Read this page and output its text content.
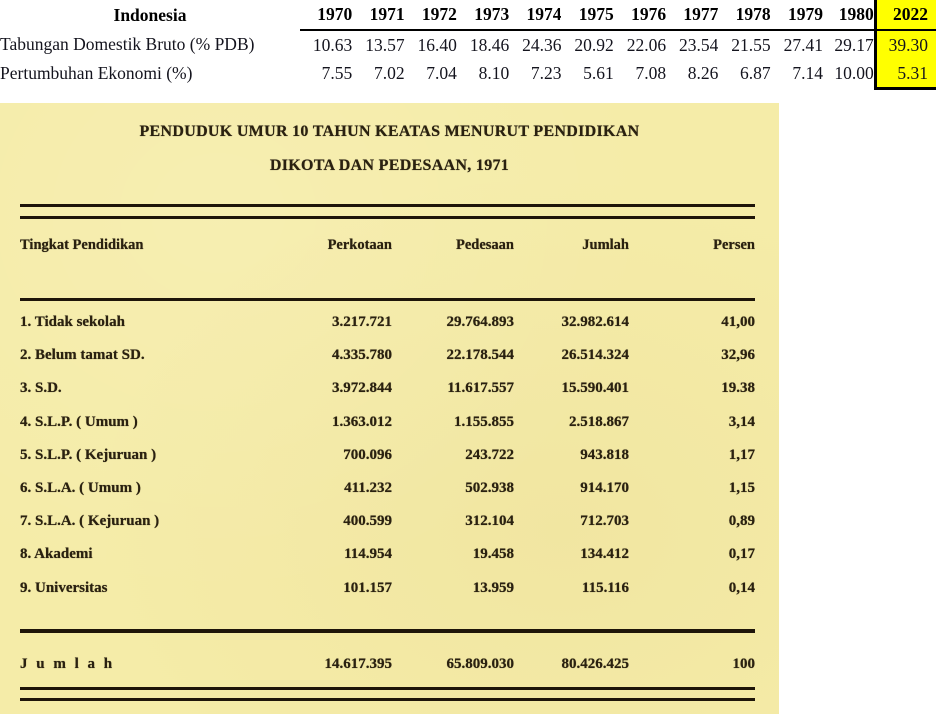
Indonesia	1970	1971	1972	1973	1974	1975	1976	1977	1978	1979	1980	2022
Tabungan Domestik Bruto (% PDB)	10.63	13.57	16.40	18.46	24.36	20.92	22.06	23.54	21.55	27.41	29.17	39.30
Pertumbuhan Ekonomi (%)	7.55	7.02	7.04	8.10	7.23	5.61	7.08	8.26	6.87	7.14	10.00	5.31
PENDUDUK UMUR 10 TAHUN KEATAS MENURUT PENDIDIKAN
DIKOTA DAN PEDESAAN, 1971
Tingkat Pendidikan	Perkotaan	Pedesaan	Jumlah	Persen
1. Tidak sekolah	3.217.721	29.764.893	32.982.614	41,00
2. Belum tamat SD.	4.335.780	22.178.544	26.514.324	32,96
3. S.D.	3.972.844	11.617.557	15.590.401	19.38
4. S.L.P. ( Umum )	1.363.012	1.155.855	2.518.867	3,14
5. S.L.P. ( Kejuruan )	700.096	243.722	943.818	1,17
6. S.L.A. ( Umum )	411.232	502.938	914.170	1,15
7. S.L.A. ( Kejuruan )	400.599	312.104	712.703	0,89
8. Akademi	114.954	19.458	134.412	0,17
9. Universitas	101.157	13.959	115.116	0,14
J u m l a h	14.617.395	65.809.030	80.426.425	100
